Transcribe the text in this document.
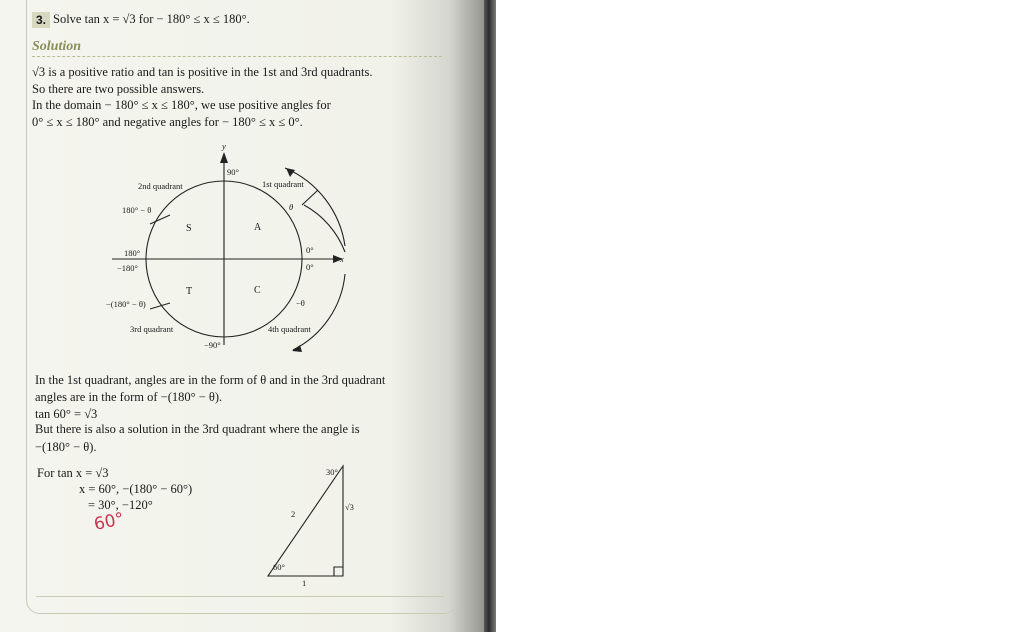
3. Solve tan x = √3 for − 180° ≤ x ≤ 180°.
Solution
√3 is a positive ratio and tan is positive in the 1st and 3rd quadrants.
So there are two possible answers.
In the domain − 180° ≤ x ≤ 180°, we use positive angles for
0° ≤ x ≤ 180° and negative angles for − 180° ≤ x ≤ 0°.
y
x
90°
−90°
0°
0°
180°
−180°
1st quadrant
2nd quadrant
3rd quadrant	4th quadrant
S	A
T	C
θ
180° − θ
−(180° − θ)	−θ
In the 1st quadrant, angles are in the form of θ and in the 3rd quadrant
angles are in the form of −(180° − θ).
tan 60° = √3
But there is also a solution in the 3rd quadrant where the angle is
−(180° − θ).
For tan x = √3
x = 60°, −(180° − 60°)
= 30°, −120°
60°
30°
60°
2
√3
1
